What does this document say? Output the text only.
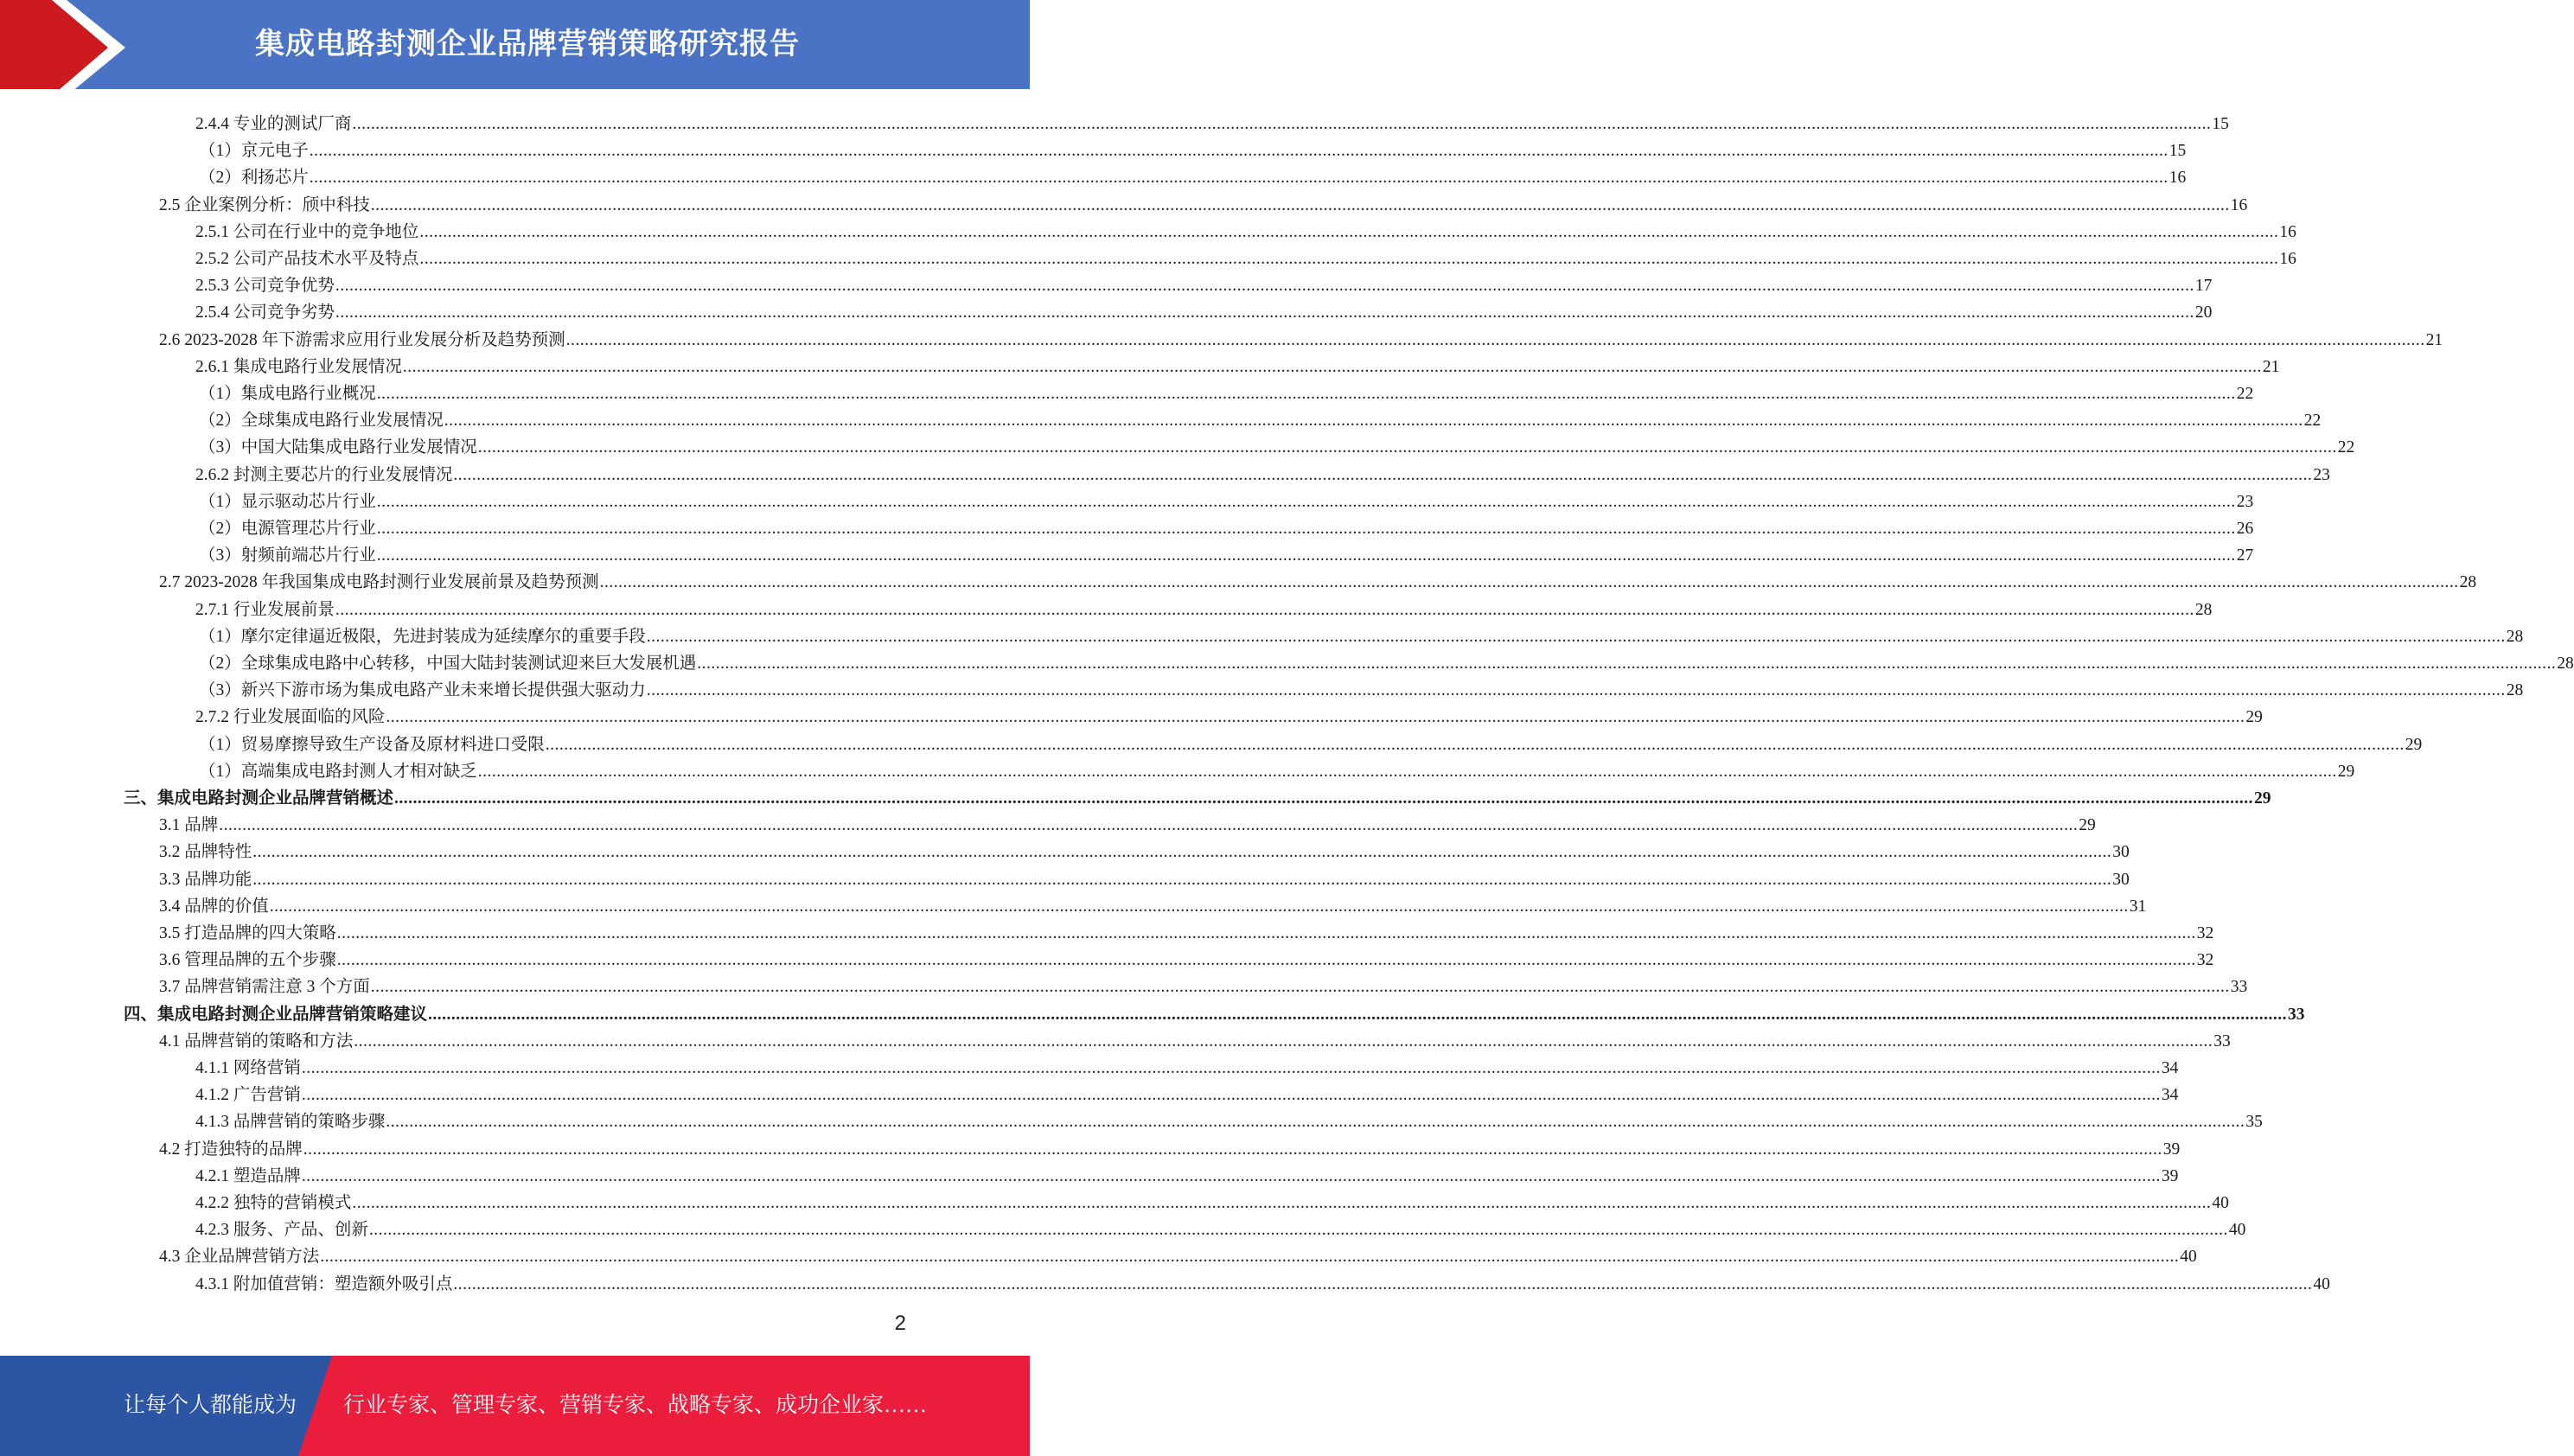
集成电路封测企业品牌营销策略研究报告
2.4.4 专业的测试厂商 ................................................................................................................................................................................................................................................................................................................................................................................................................ 15
（1）京元电子 ................................................................................................................................................................................................................................................................................................................................................................................................................ 15
（2）利扬芯片 ................................................................................................................................................................................................................................................................................................................................................................................................................ 16
2.5 企业案例分析：颀中科技 ................................................................................................................................................................................................................................................................................................................................................................................................................ 16
2.5.1 公司在行业中的竞争地位 ................................................................................................................................................................................................................................................................................................................................................................................................................ 16
2.5.2 公司产品技术水平及特点 ................................................................................................................................................................................................................................................................................................................................................................................................................ 16
2.5.3 公司竞争优势 ................................................................................................................................................................................................................................................................................................................................................................................................................ 17
2.5.4 公司竞争劣势 ................................................................................................................................................................................................................................................................................................................................................................................................................ 20
2.6 2023-2028 年下游需求应用行业发展分析及趋势预测 ................................................................................................................................................................................................................................................................................................................................................................................................................ 21
2.6.1 集成电路行业发展情况 ................................................................................................................................................................................................................................................................................................................................................................................................................ 21
（1）集成电路行业概况 ................................................................................................................................................................................................................................................................................................................................................................................................................ 22
（2）全球集成电路行业发展情况 ................................................................................................................................................................................................................................................................................................................................................................................................................ 22
（3）中国大陆集成电路行业发展情况 ................................................................................................................................................................................................................................................................................................................................................................................................................ 22
2.6.2 封测主要芯片的行业发展情况 ................................................................................................................................................................................................................................................................................................................................................................................................................ 23
（1）显示驱动芯片行业 ................................................................................................................................................................................................................................................................................................................................................................................................................ 23
（2）电源管理芯片行业 ................................................................................................................................................................................................................................................................................................................................................................................................................ 26
（3）射频前端芯片行业 ................................................................................................................................................................................................................................................................................................................................................................................................................ 27
2.7 2023-2028 年我国集成电路封测行业发展前景及趋势预测 ................................................................................................................................................................................................................................................................................................................................................................................................................ 28
2.7.1 行业发展前景 ................................................................................................................................................................................................................................................................................................................................................................................................................ 28
（1）摩尔定律逼近极限，先进封装成为延续摩尔的重要手段 ................................................................................................................................................................................................................................................................................................................................................................................................................ 28
（2）全球集成电路中心转移，中国大陆封装测试迎来巨大发展机遇 ................................................................................................................................................................................................................................................................................................................................................................................................................ 28
（3）新兴下游市场为集成电路产业未来增长提供强大驱动力 ................................................................................................................................................................................................................................................................................................................................................................................................................ 28
2.7.2 行业发展面临的风险 ................................................................................................................................................................................................................................................................................................................................................................................................................ 29
（1）贸易摩擦导致生产设备及原材料进口受限 ................................................................................................................................................................................................................................................................................................................................................................................................................ 29
（1）高端集成电路封测人才相对缺乏 ................................................................................................................................................................................................................................................................................................................................................................................................................ 29
三、集成电路封测企业品牌营销概述 ................................................................................................................................................................................................................................................................................................................................................................................................................ 29
3.1 品牌 ................................................................................................................................................................................................................................................................................................................................................................................................................ 29
3.2 品牌特性 ................................................................................................................................................................................................................................................................................................................................................................................................................ 30
3.3 品牌功能 ................................................................................................................................................................................................................................................................................................................................................................................................................ 30
3.4 品牌的价值 ................................................................................................................................................................................................................................................................................................................................................................................................................ 31
3.5 打造品牌的四大策略 ................................................................................................................................................................................................................................................................................................................................................................................................................ 32
3.6 管理品牌的五个步骤 ................................................................................................................................................................................................................................................................................................................................................................................................................ 32
3.7 品牌营销需注意 3 个方面 ................................................................................................................................................................................................................................................................................................................................................................................................................ 33
四、集成电路封测企业品牌营销策略建议 ................................................................................................................................................................................................................................................................................................................................................................................................................ 33
4.1 品牌营销的策略和方法 ................................................................................................................................................................................................................................................................................................................................................................................................................ 33
4.1.1 网络营销 ................................................................................................................................................................................................................................................................................................................................................................................................................ 34
4.1.2 广告营销 ................................................................................................................................................................................................................................................................................................................................................................................................................ 34
4.1.3 品牌营销的策略步骤 ................................................................................................................................................................................................................................................................................................................................................................................................................ 35
4.2 打造独特的品牌 ................................................................................................................................................................................................................................................................................................................................................................................................................ 39
4.2.1 塑造品牌 ................................................................................................................................................................................................................................................................................................................................................................................................................ 39
4.2.2 独特的营销模式 ................................................................................................................................................................................................................................................................................................................................................................................................................ 40
4.2.3 服务、产品、创新 ................................................................................................................................................................................................................................................................................................................................................................................................................ 40
4.3 企业品牌营销方法 ................................................................................................................................................................................................................................................................................................................................................................................................................ 40
4.3.1 附加值营销：塑造额外吸引点 ................................................................................................................................................................................................................................................................................................................................................................................................................ 40
2
让每个人都能成为 行业专家、管理专家、营销专家、战略专家、成功企业家……
